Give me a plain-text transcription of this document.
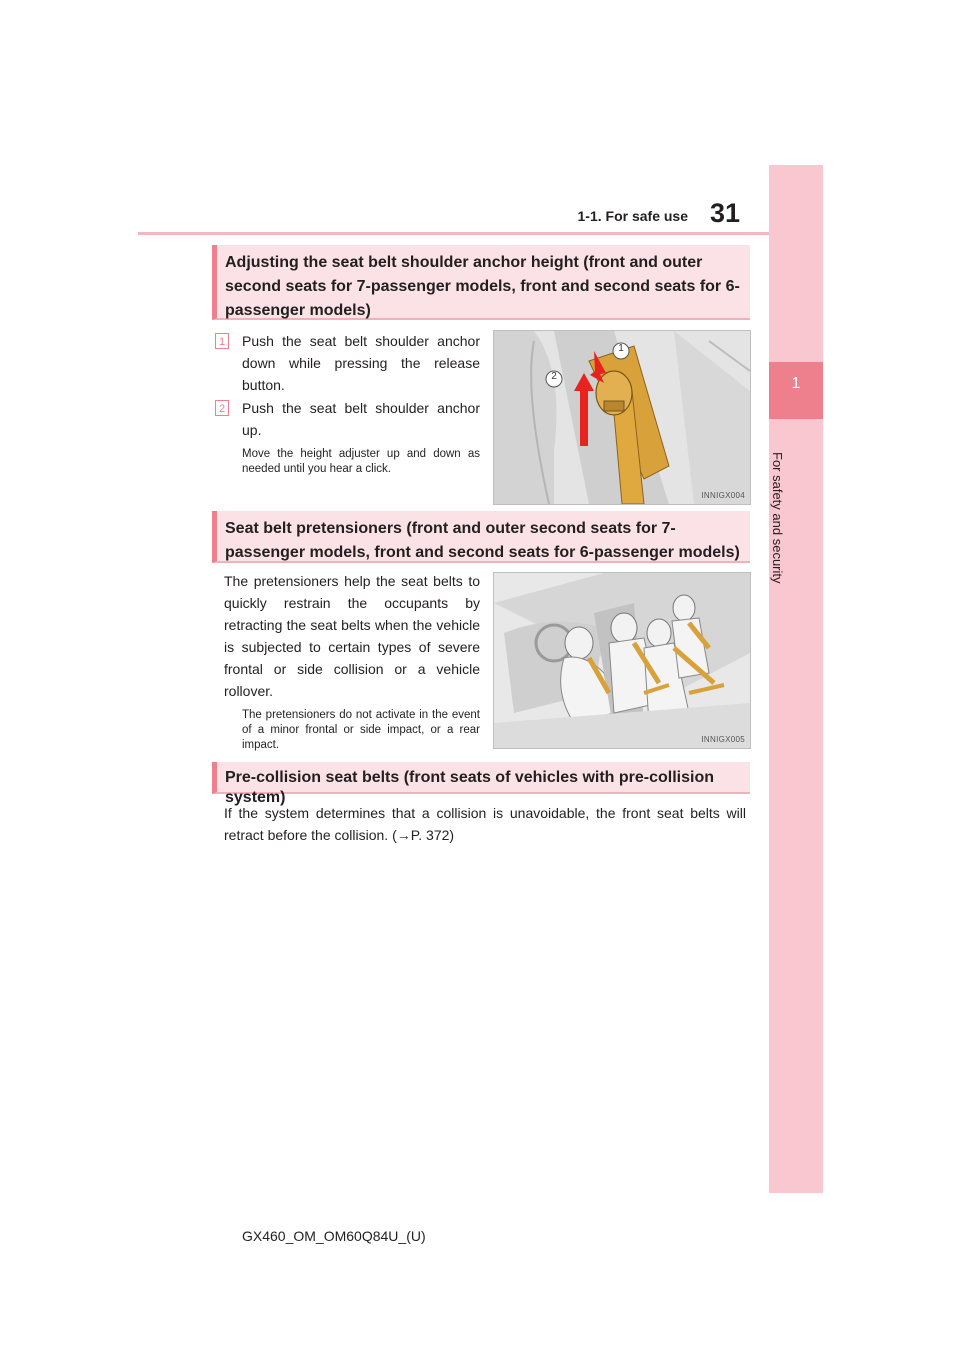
1-1. For safe use 31
1
For safety and security
Adjusting the seat belt shoulder anchor height (front and outer second seats for 7-passenger models, front and second seats for 6-passenger models)
1 Push the seat belt shoulder anchor down while pressing the release button.
2 Push the seat belt shoulder anchor up.
Move the height adjuster up and down as needed until you hear a click.
1
2
INNIGX004
Seat belt pretensioners (front and outer second seats for 7-passenger models, front and second seats for 6-passenger models)
The pretensioners help the seat belts to quickly restrain the occupants by retracting the seat belts when the vehicle is subjected to certain types of severe frontal or side collision or a vehicle rollover.
The pretensioners do not activate in the event of a minor frontal or side impact, or a rear impact.	INNIGX005
Pre-collision seat belts (front seats of vehicles with pre-collision system)
If the system determines that a collision is unavoidable, the front seat belts will retract before the collision. (→P. 372)
GX460_OM_OM60Q84U_(U)
